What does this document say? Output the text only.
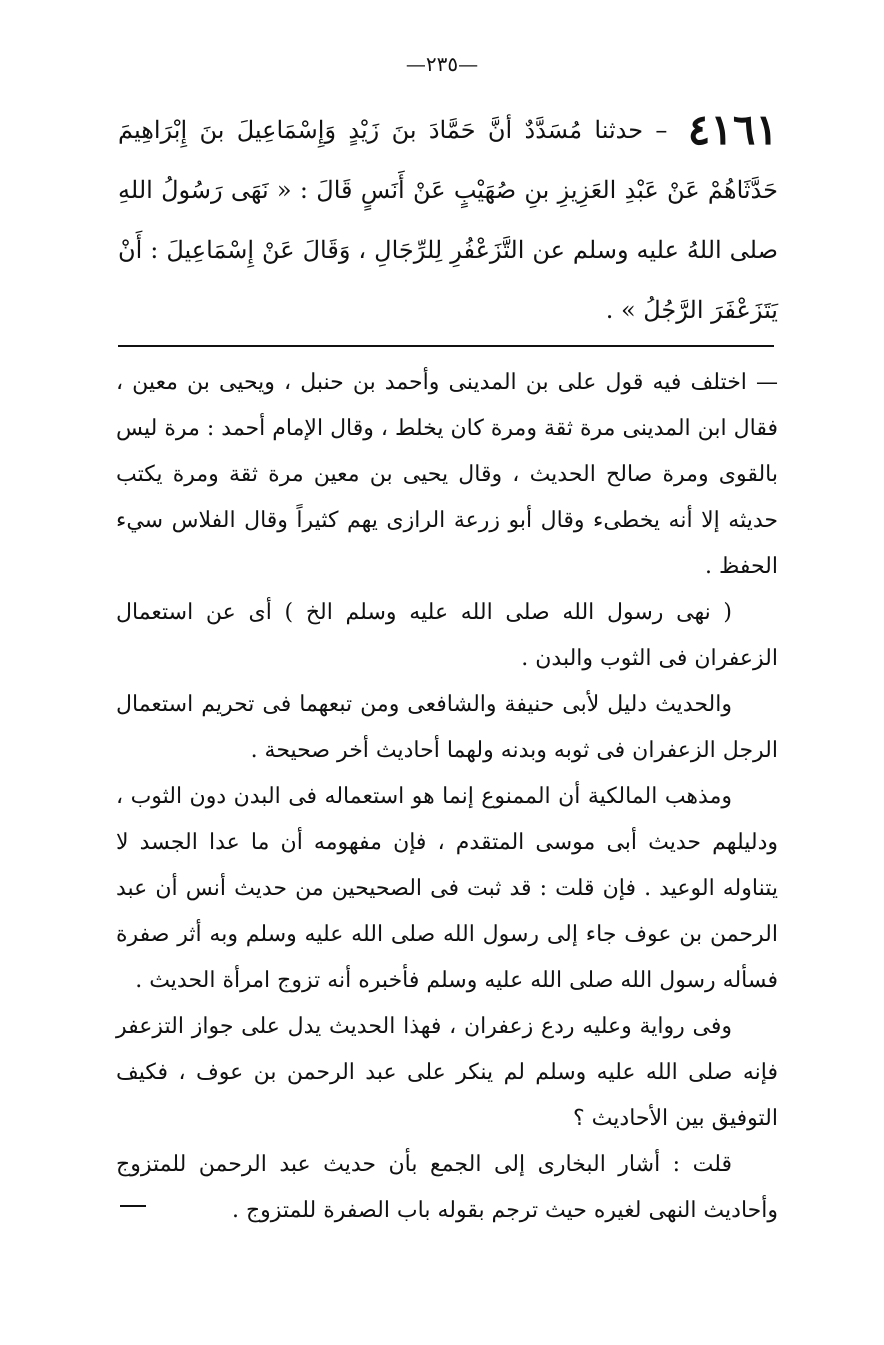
—٢٣٥—
٤١٦١ – حدثنا مُسَدَّدٌ أنَّ حَمَّادَ بنَ زَيْدٍ وَإِسْمَاعِيلَ بنَ إِبْرَاهِيمَ حَدَّثَاهُمْ عَنْ عَبْدِ العَزِيزِ بنِ صُهَيْبٍ عَنْ أَنَسٍ قَالَ : « نَهَى رَسُولُ اللهِ صلى اللهُ عليه وسلم عن التَّزَعْفُرِ لِلرِّجَالِ ، وَقَالَ عَنْ إِسْمَاعِيلَ : أَنْ يَتَزَعْفَرَ الرَّجُلُ » .

— اختلف فيه قول على بن المدينى وأحمد بن حنبل ، ويحيى بن معين ، فقال ابن المدينى مرة ثقة ومرة كان يخلط ، وقال الإمام أحمد : مرة ليس بالقوى ومرة صالح الحديث ، وقال يحيى بن معين مرة ثقة ومرة يكتب حديثه إلا أنه يخطىء وقال أبو زرعة الرازى يهم كثيراً وقال الفلاس سيء الحفظ .

( نهى رسول الله صلى الله عليه وسلم الخ ) أى عن استعمال الزعفران فى الثوب والبدن .

والحديث دليل لأبى حنيفة والشافعى ومن تبعهما فى تحريم استعمال الرجل الزعفران فى ثوبه وبدنه ولهما أحاديث أخر صحيحة .

ومذهب المالكية أن الممنوع إنما هو استعماله فى البدن دون الثوب ، ودليلهم حديث أبى موسى المتقدم ، فإن مفهومه أن ما عدا الجسد لا يتناوله الوعيد . فإن قلت : قد ثبت فى الصحيحين من حديث أنس أن عبد الرحمن بن عوف جاء إلى رسول الله صلى الله عليه وسلم وبه أثر صفرة فسأله رسول الله صلى الله عليه وسلم فأخبره أنه تزوج امرأة الحديث .

وفى رواية وعليه ردع زعفران ، فهذا الحديث يدل على جواز التزعفر فإنه صلى الله عليه وسلم لم ينكر على عبد الرحمن بن عوف ، فكيف التوفيق بين الأحاديث ؟

قلت : أشار البخارى إلى الجمع بأن حديث عبد الرحمن للمتزوج وأحاديث النهى لغيره حيث ترجم بقوله باب الصفرة للمتزوج .
